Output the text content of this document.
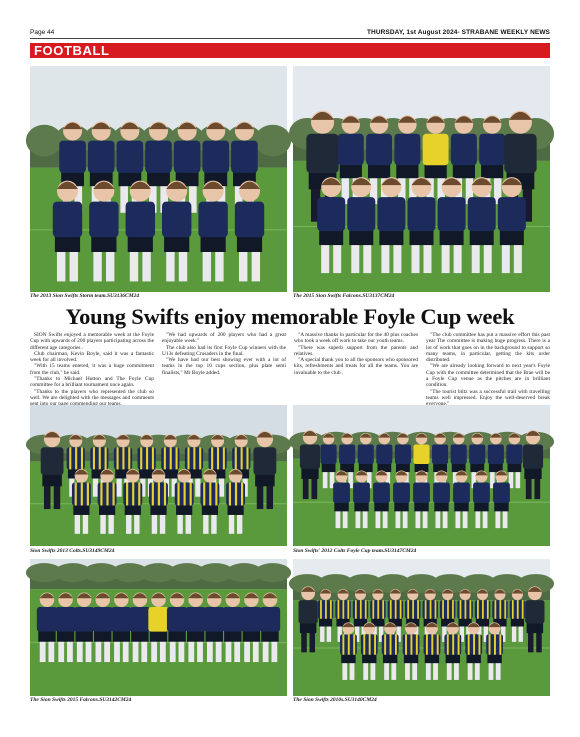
Page 44	THURSDAY, 1st August 2024- STRABANE WEEKLY NEWS
FOOTBALL
The 2013 Sion Swifts Storm team.SU3136CM24	The 2015 Sion Swifts Falcons.SU3137CM24
Young Swifts enjoy memorable Foyle Cup week

SION Swifts enjoyed a memorable week at the Foyle Cup with upwards of 200 players participating across the different age categories .

Club chairman, Kevin Boyle, said it was a fantastic week for all involved.

"With 15 teams entered, it was a huge commitment from the club," he said.

"Thanks to Michael Hutton and The Foyle Cup committee for a brilliant tournament once again.

"Thanks to the players who represented the club so well. We are delighted with the messages and comments

"We had upwards of 200 players who had a great enjoyable week."

The club also had its first Foyle Cup winners with the U13s defeating Crusaders in the final.

"We have had our best showing ever with a lot of teams in the top 10 cups section, plus plate semi finalists," Mr Boyle added.

"A massive thanks in particular for the 40 plus coaches who took a week off work to take our youth teams.

"There was superb support from the parents and relatives.

"A special thank you to all the sponsors who sponsored kits, refreshments and treats for all the teams. You are invaluable to the club .

"The club committee has put a massive effort this past year The committee is making huge progress. There is a lot of work that goes on in the background to support so many teams, in particular, getting the kits order distributed.

"We are already looking forward to next year's Foyle Cup with the committee determined that the Brae will be a Foyle Cup venue as the pitches are in brilliant condition.

"The tourist blitz was a successful trail with travelling teams well impressed. Enjoy the well-deserved break

Sion Swifts 2013 Colts.SU3149CM24	Sion Swifts' 2012 Colts Foyle Cup team.SU3147CM24
The Sion Swifts 2015 Falcons.SU3142CM24	The Sion Swifts 2010s.SU3140CM24
